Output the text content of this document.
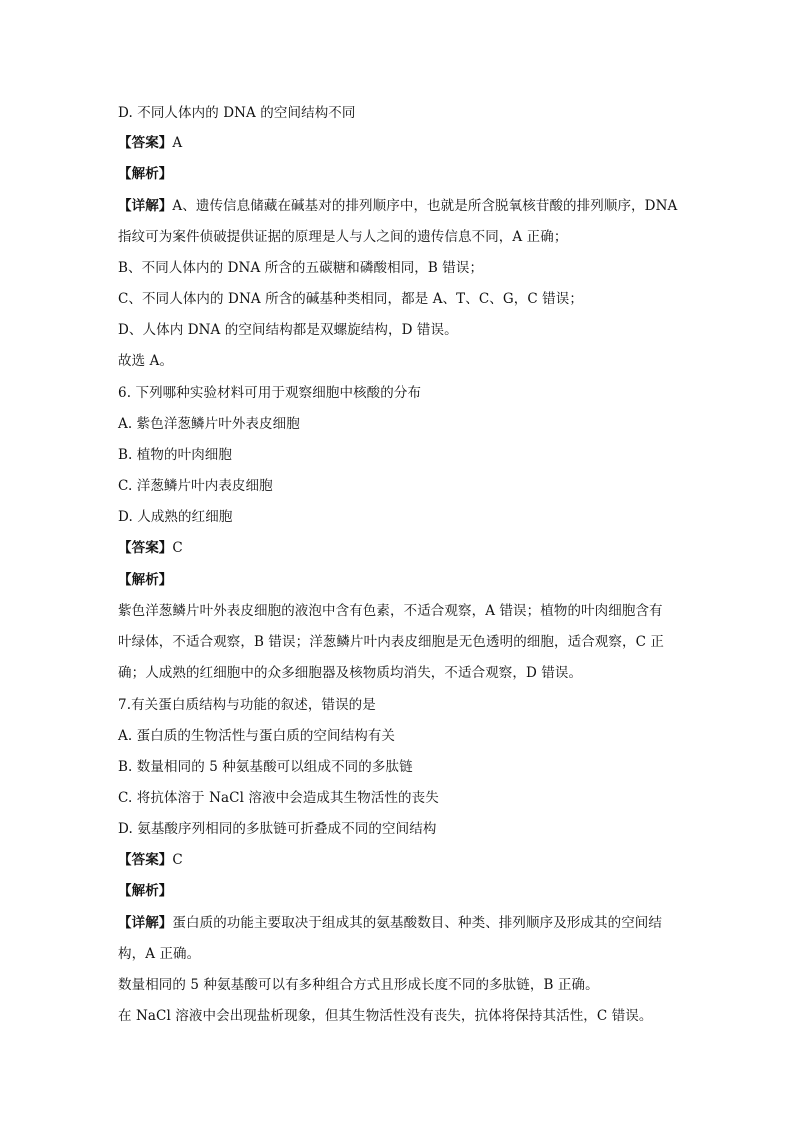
D. 不同人体内的 DNA 的空间结构不同
【答案】A
【解析】
【详解】A、遗传信息储藏在碱基对的排列顺序中，也就是所含脱氧核苷酸的排列顺序，DNA
指纹可为案件侦破提供证据的原理是人与人之间的遗传信息不同，A 正确；
B、不同人体内的 DNA 所含的五碳糖和磷酸相同，B 错误；
C、不同人体内的 DNA 所含的碱基种类相同，都是 A、T、C、G，C 错误；
D、人体内 DNA 的空间结构都是双螺旋结构，D 错误。
故选 A。
6. 下列哪种实验材料可用于观察细胞中核酸的分布
A. 紫色洋葱鳞片叶外表皮细胞
B. 植物的叶肉细胞
C. 洋葱鳞片叶内表皮细胞
D. 人成熟的红细胞
【答案】C
【解析】
紫色洋葱鳞片叶外表皮细胞的液泡中含有色素，不适合观察，A 错误；植物的叶肉细胞含有
叶绿体，不适合观察，B 错误；洋葱鳞片叶内表皮细胞是无色透明的细胞，适合观察，C 正
确；人成熟的红细胞中的众多细胞器及核物质均消失，不适合观察，D 错误。
7.有关蛋白质结构与功能的叙述，错误的是
A. 蛋白质的生物活性与蛋白质的空间结构有关
B. 数量相同的 5 种氨基酸可以组成不同的多肽链
C. 将抗体溶于 NaCl 溶液中会造成其生物活性的丧失
D. 氨基酸序列相同的多肽链可折叠成不同的空间结构
【答案】C
【解析】
【详解】蛋白质的功能主要取决于组成其的氨基酸数目、种类、排列顺序及形成其的空间结
构，A 正确。
数量相同的 5 种氨基酸可以有多种组合方式且形成长度不同的多肽链，B 正确。
在 NaCl 溶液中会出现盐析现象，但其生物活性没有丧失，抗体将保持其活性，C 错误。
